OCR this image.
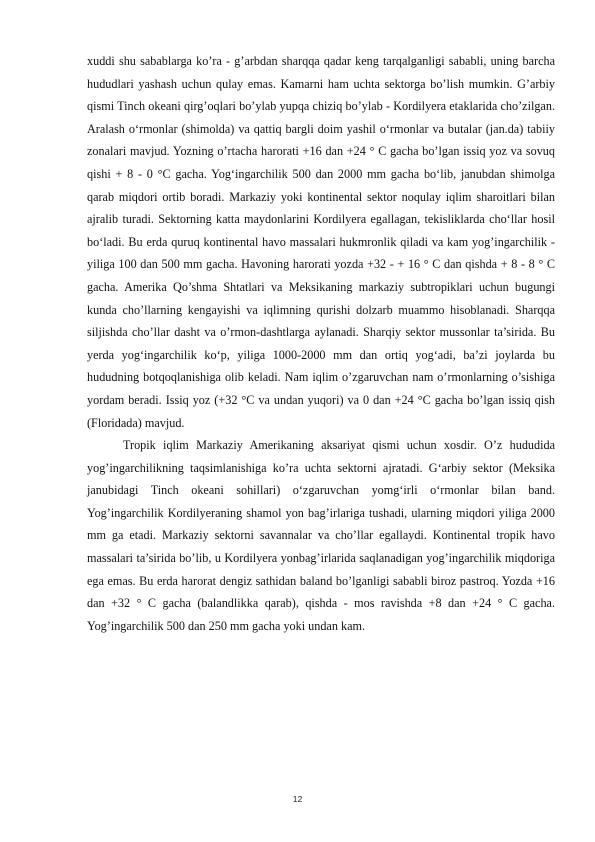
xuddi shu sabablarga ko’ra - g’arbdan sharqqa qadar keng tarqalganligi sababli, uning barcha hududlari yashash uchun qulay emas. Kamarni ham uchta sektorga bo’lish mumkin. G’arbiy qismi Tinch okeani qirg’oqlari bo’ylab yupqa chiziq bo’ylab - Kordilyera etaklarida cho’zilgan. Aralash o‘rmonlar (shimolda) va qattiq bargli doim yashil o‘rmonlar va butalar (jan.da) tabiiy zonalari mavjud. Yozning o’rtacha harorati +16 dan +24 ° C gacha bo’lgan issiq yoz va sovuq qishi + 8 - 0 °C gacha. Yog‘ingarchilik 500 dan 2000 mm gacha bo‘lib, janubdan shimolga qarab miqdori ortib boradi. Markaziy yoki kontinental sektor noqulay iqlim sharoitlari bilan ajralib turadi. Sektorning katta maydonlarini Kordilyera egallagan, tekisliklarda cho‘llar hosil bo‘ladi. Bu erda quruq kontinental havo massalari hukmronlik qiladi va kam yog’ingarchilik - yiliga 100 dan 500 mm gacha. Havoning harorati yozda +32 - + 16 ° C dan qishda + 8 - 8 ° C gacha. Amerika Qo’shma Shtatlari va Meksikaning markaziy subtropiklari uchun bugungi kunda cho’llarning kengayishi va iqlimning qurishi dolzarb muammo hisoblanadi. Sharqqa siljishda cho’llar dasht va o’rmon-dashtlarga aylanadi. Sharqiy sektor mussonlar ta’sirida. Bu yerda yog‘ingarchilik ko‘p, yiliga 1000-2000 mm dan ortiq yog‘adi, ba’zi joylarda bu hududning botqoqlanishiga olib keladi. Nam iqlim o’zgaruvchan nam o’rmonlarning o’sishiga yordam beradi. Issiq yoz (+32 °C va undan yuqori) va 0 dan +24 °C gacha bo’lgan issiq qish (Floridada) mavjud.

Tropik iqlim Markaziy Amerikaning aksariyat qismi uchun xosdir. O’z hududida yog’ingarchilikning taqsimlanishiga ko’ra uchta sektorni ajratadi. G‘arbiy sektor (Meksika janubidagi Tinch okeani sohillari) o‘zgaruvchan yomg‘irli o‘rmonlar bilan band. Yog’ingarchilik Kordilyeraning shamol yon bag’irlariga tushadi, ularning miqdori yiliga 2000 mm ga etadi. Markaziy sektorni savannalar va cho’llar egallaydi. Kontinental tropik havo massalari ta’sirida bo’lib, u Kordilyera yonbag’irlarida saqlanadigan yog’ingarchilik miqdoriga ega emas. Bu erda harorat dengiz sathidan baland bo’lganligi sababli biroz pastroq. Yozda +16 dan +32 ° C gacha (balandlikka qarab), qishda - mos ravishda +8 dan +24 ° C gacha. Yog’ingarchilik 500 dan 250 mm gacha yoki undan kam.

12
